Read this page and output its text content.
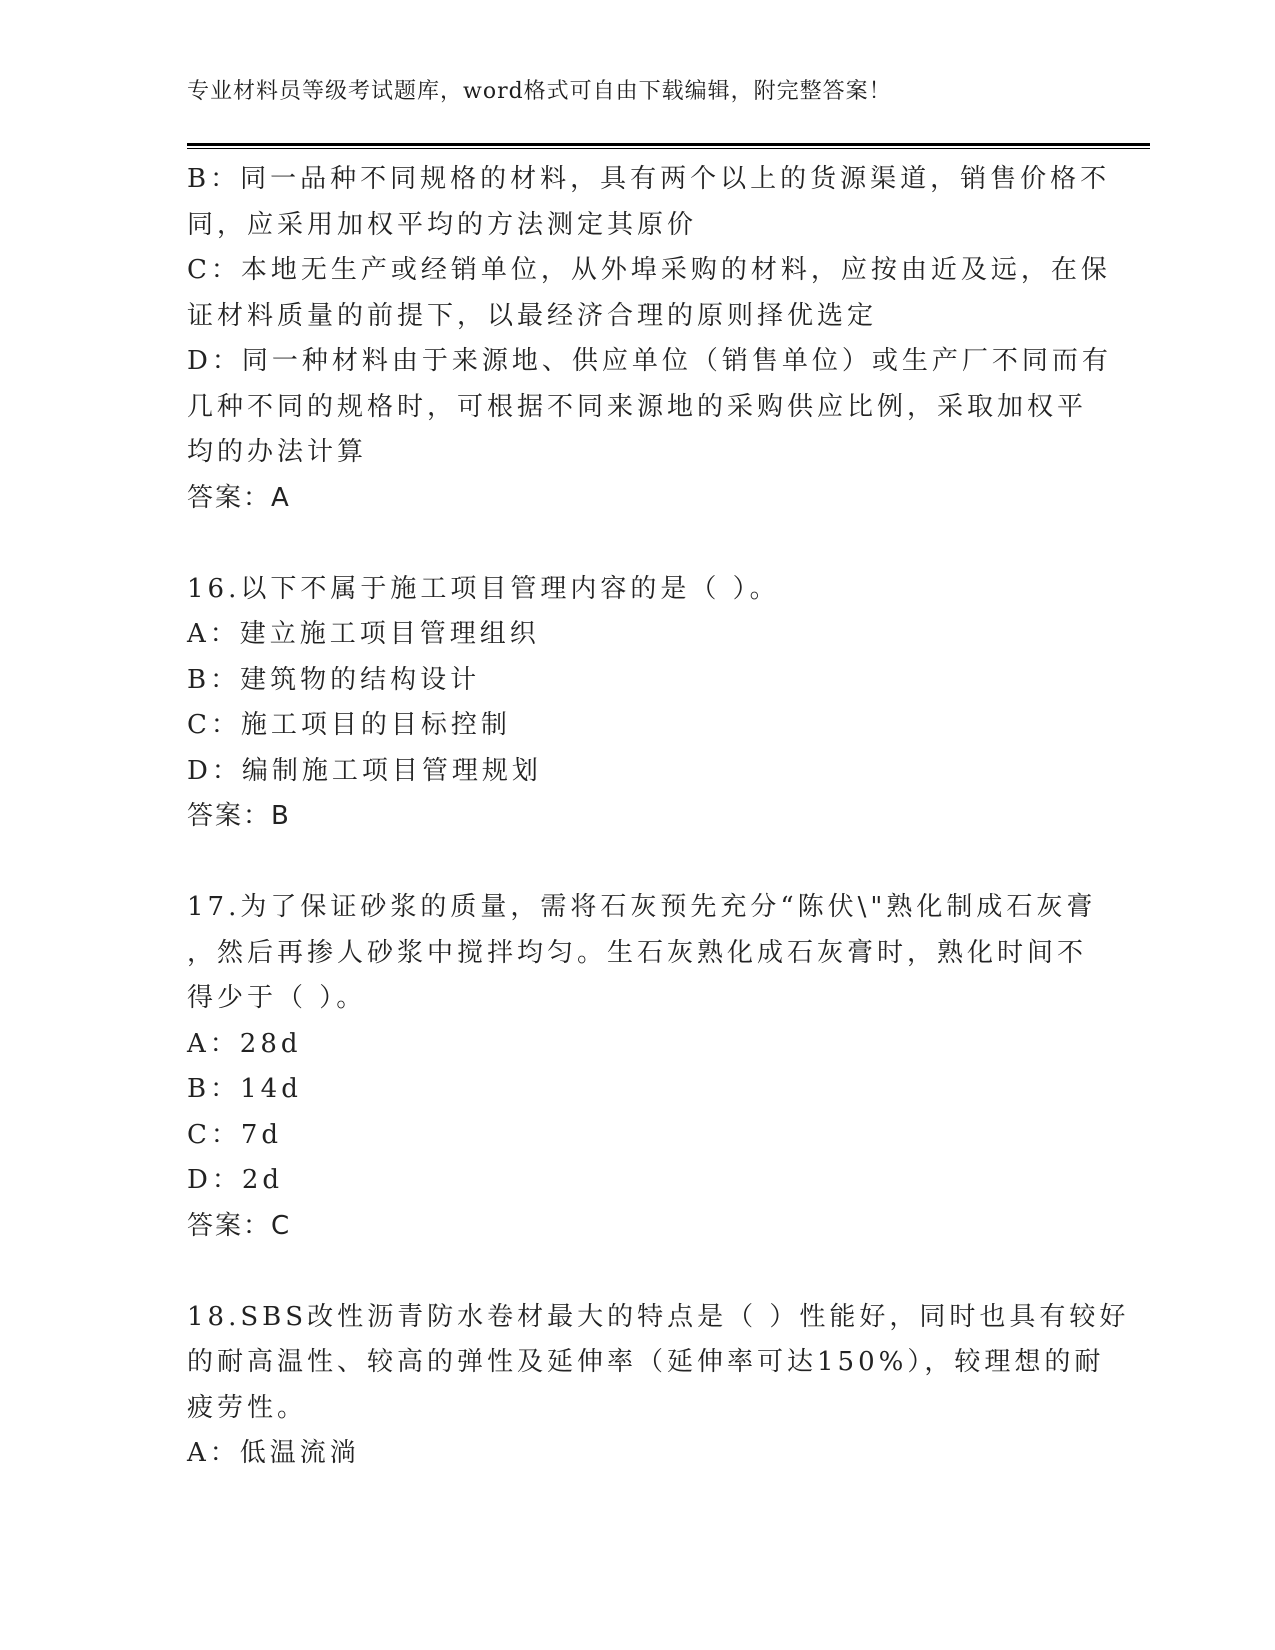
专业材料员等级考试题库，word格式可自由下载编辑，附完整答案！
B：同一品种不同规格的材料，具有两个以上的货源渠道，销售价格不
同，应采用加权平均的方法测定其原价
C：本地无生产或经销单位，从外埠采购的材料，应按由近及远，在保
证材料质量的前提下，以最经济合理的原则择优选定
D：同一种材料由于来源地、供应单位（销售单位）或生产厂不同而有
几种不同的规格时，可根据不同来源地的采购供应比例，采取加权平
均的办法计算
答案：A
16.以下不属于施工项目管理内容的是（ ）。
A：建立施工项目管理组织
B：建筑物的结构设计
C：施工项目的目标控制
D：编制施工项目管理规划
答案：B
17.为了保证砂浆的质量，需将石灰预先充分“陈伏\"熟化制成石灰膏
，然后再掺人砂浆中搅拌均匀。生石灰熟化成石灰膏时，熟化时间不
得少于（ ）。
A：28d
B：14d
C：7d
D：2d
答案：C
18.SBS改性沥青防水卷材最大的特点是（ ）性能好，同时也具有较好
的耐高温性、较高的弹性及延伸率（延伸率可达150%），较理想的耐
疲劳性。
A：低温流淌
